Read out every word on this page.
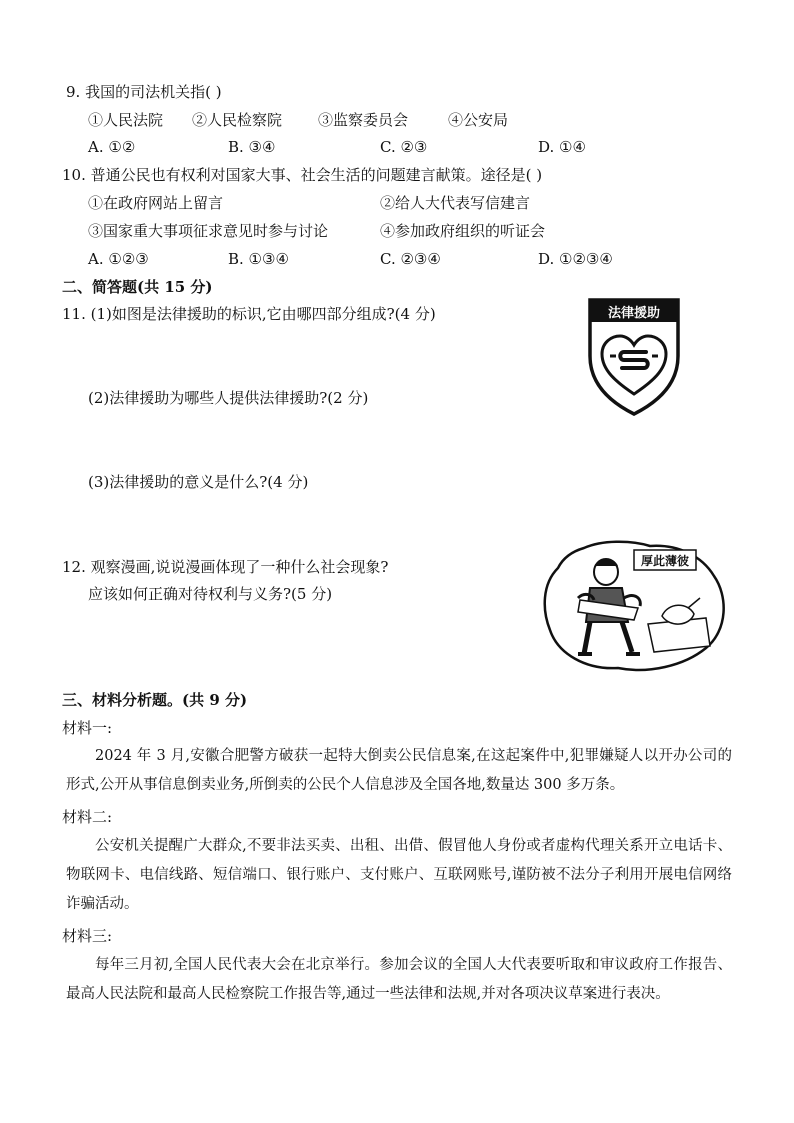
9. 我国的司法机关指( )
①人民法院 ②人民检察院 ③监察委员会	④公安局
A. ①②	B. ③④	C. ②③	D. ①④
10. 普通公民也有权利对国家大事、社会生活的问题建言献策。途径是( )
①在政府网站上留言	②给人大代表写信建言
③国家重大事项征求意见时参与讨论	④参加政府组织的听证会
A. ①②③	B. ①③④	C. ②③④	D. ①②③④
二、简答题(共 15 分)
11. (1)如图是法律援助的标识,它由哪四部分组成?(4 分)
(2)法律援助为哪些人提供法律援助?(2 分)
(3)法律援助的意义是什么?(4 分)
法律援助
12. 观察漫画,说说漫画体现了一种什么社会现象?
应该如何正确对待权利与义务?(5 分)
厚此薄彼
三、材料分析题。(共 9 分)
材料一:
2024 年 3 月,安徽合肥警方破获一起特大倒卖公民信息案,在这起案件中,犯罪嫌疑人以开办公司的形式,公开从事信息倒卖业务,所倒卖的公民个人信息涉及全国各地,数量达 300 多万条。
材料二:
公安机关提醒广大群众,不要非法买卖、出租、出借、假冒他人身份或者虚构代理关系开立电话卡、物联网卡、电信线路、短信端口、银行账户、支付账户、互联网账号,谨防被不法分子利用开展电信网络诈骗活动。
材料三:
每年三月初,全国人民代表大会在北京举行。参加会议的全国人大代表要听取和审议政府工作报告、最高人民法院和最高人民检察院工作报告等,通过一些法律和法规,并对各项决议草案进行表决。
